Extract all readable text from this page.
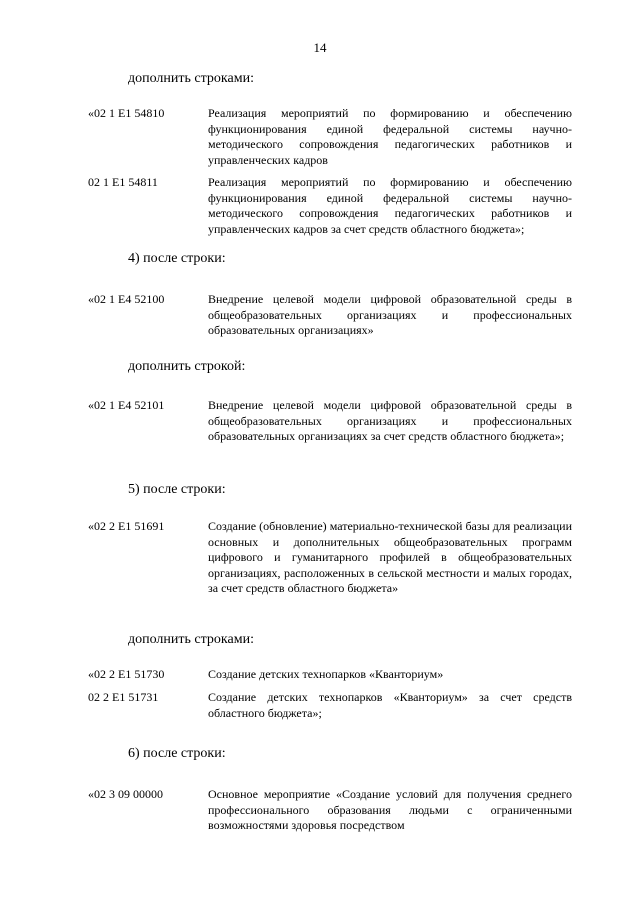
14
дополнить строками:
«02 1 E1 54810	Реализация мероприятий по формированию и обеспечению функционирования единой федеральной системы научно-методического сопровождения педагогических работников и управленческих кадров
02 1 E1 54811	Реализация мероприятий по формированию и обеспечению функционирования единой федеральной системы научно-методического сопровождения педагогических работников и управленческих кадров за счет средств областного бюджета»;
4) после строки:
«02 1 E4 52100	Внедрение целевой модели цифровой образовательной среды в общеобразовательных организациях и профессиональных образовательных организациях»
дополнить строкой:
«02 1 E4 52101	Внедрение целевой модели цифровой образовательной среды в общеобразовательных организациях и профессиональных образовательных организациях за счет средств областного бюджета»;
5) после строки:
«02 2 E1 51691	Создание (обновление) материально-технической базы для реализации основных и дополнительных общеобразовательных программ цифрового и гуманитарного профилей в общеобразовательных организациях, расположенных в сельской местности и малых городах, за счет средств областного бюджета»
дополнить строками:
«02 2 E1 51730	Создание детских технопарков «Кванториум»
02 2 E1 51731	Создание детских технопарков «Кванториум» за счет средств областного бюджета»;
6) после строки:
«02 3 09 00000	Основное мероприятие «Создание условий для получения среднего профессионального образования людьми с ограниченными возможностями здоровья посредством
